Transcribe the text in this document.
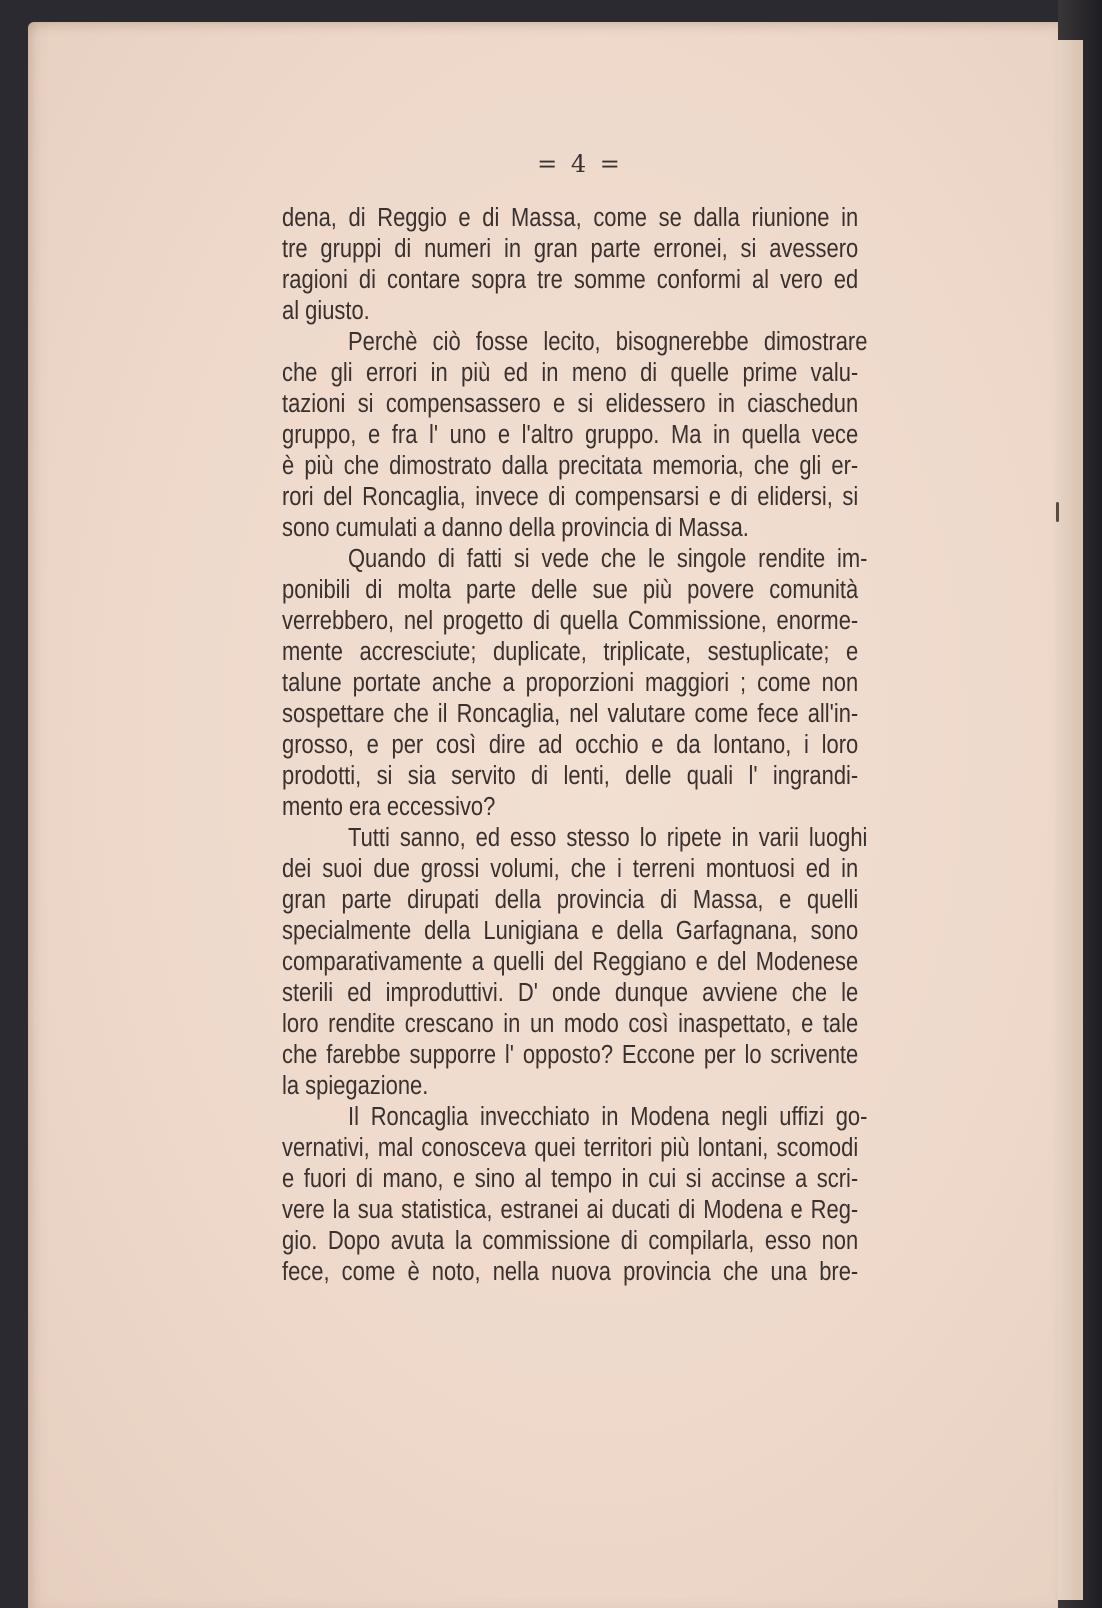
= 4 =
dena, di Reggio e di Massa, come se dalla riunione in
tre gruppi di numeri in gran parte erronei, si avessero
ragioni di contare sopra tre somme conformi al vero ed
al giusto.
Perchè ciò fosse lecito, bisognerebbe dimostrare
che gli errori in più ed in meno di quelle prime valu-
tazioni si compensassero e si elidessero in ciaschedun
gruppo, e fra l' uno e l'altro gruppo. Ma in quella vece
è più che dimostrato dalla precitata memoria, che gli er-
rori del Roncaglia, invece di compensarsi e di elidersi, si
sono cumulati a danno della provincia di Massa.
Quando di fatti si vede che le singole rendite im-
ponibili di molta parte delle sue più povere comunità
verrebbero, nel progetto di quella Commissione, enorme-
mente accresciute; duplicate, triplicate, sestuplicate; e
talune portate anche a proporzioni maggiori ; come non
sospettare che il Roncaglia, nel valutare come fece all'in-
grosso, e per così dire ad occhio e da lontano, i loro
prodotti, si sia servito di lenti, delle quali l' ingrandi-
mento era eccessivo?
Tutti sanno, ed esso stesso lo ripete in varii luoghi
dei suoi due grossi volumi, che i terreni montuosi ed in
gran parte dirupati della provincia di Massa, e quelli
specialmente della Lunigiana e della Garfagnana, sono
comparativamente a quelli del Reggiano e del Modenese
sterili ed improduttivi. D' onde dunque avviene che le
loro rendite crescano in un modo così inaspettato, e tale
che farebbe supporre l' opposto? Eccone per lo scrivente
la spiegazione.
Il Roncaglia invecchiato in Modena negli uffizi go-
vernativi, mal conosceva quei territori più lontani, scomodi
e fuori di mano, e sino al tempo in cui si accinse a scri-
vere la sua statistica, estranei ai ducati di Modena e Reg-
gio. Dopo avuta la commissione di compilarla, esso non
fece, come è noto, nella nuova provincia che una bre-
